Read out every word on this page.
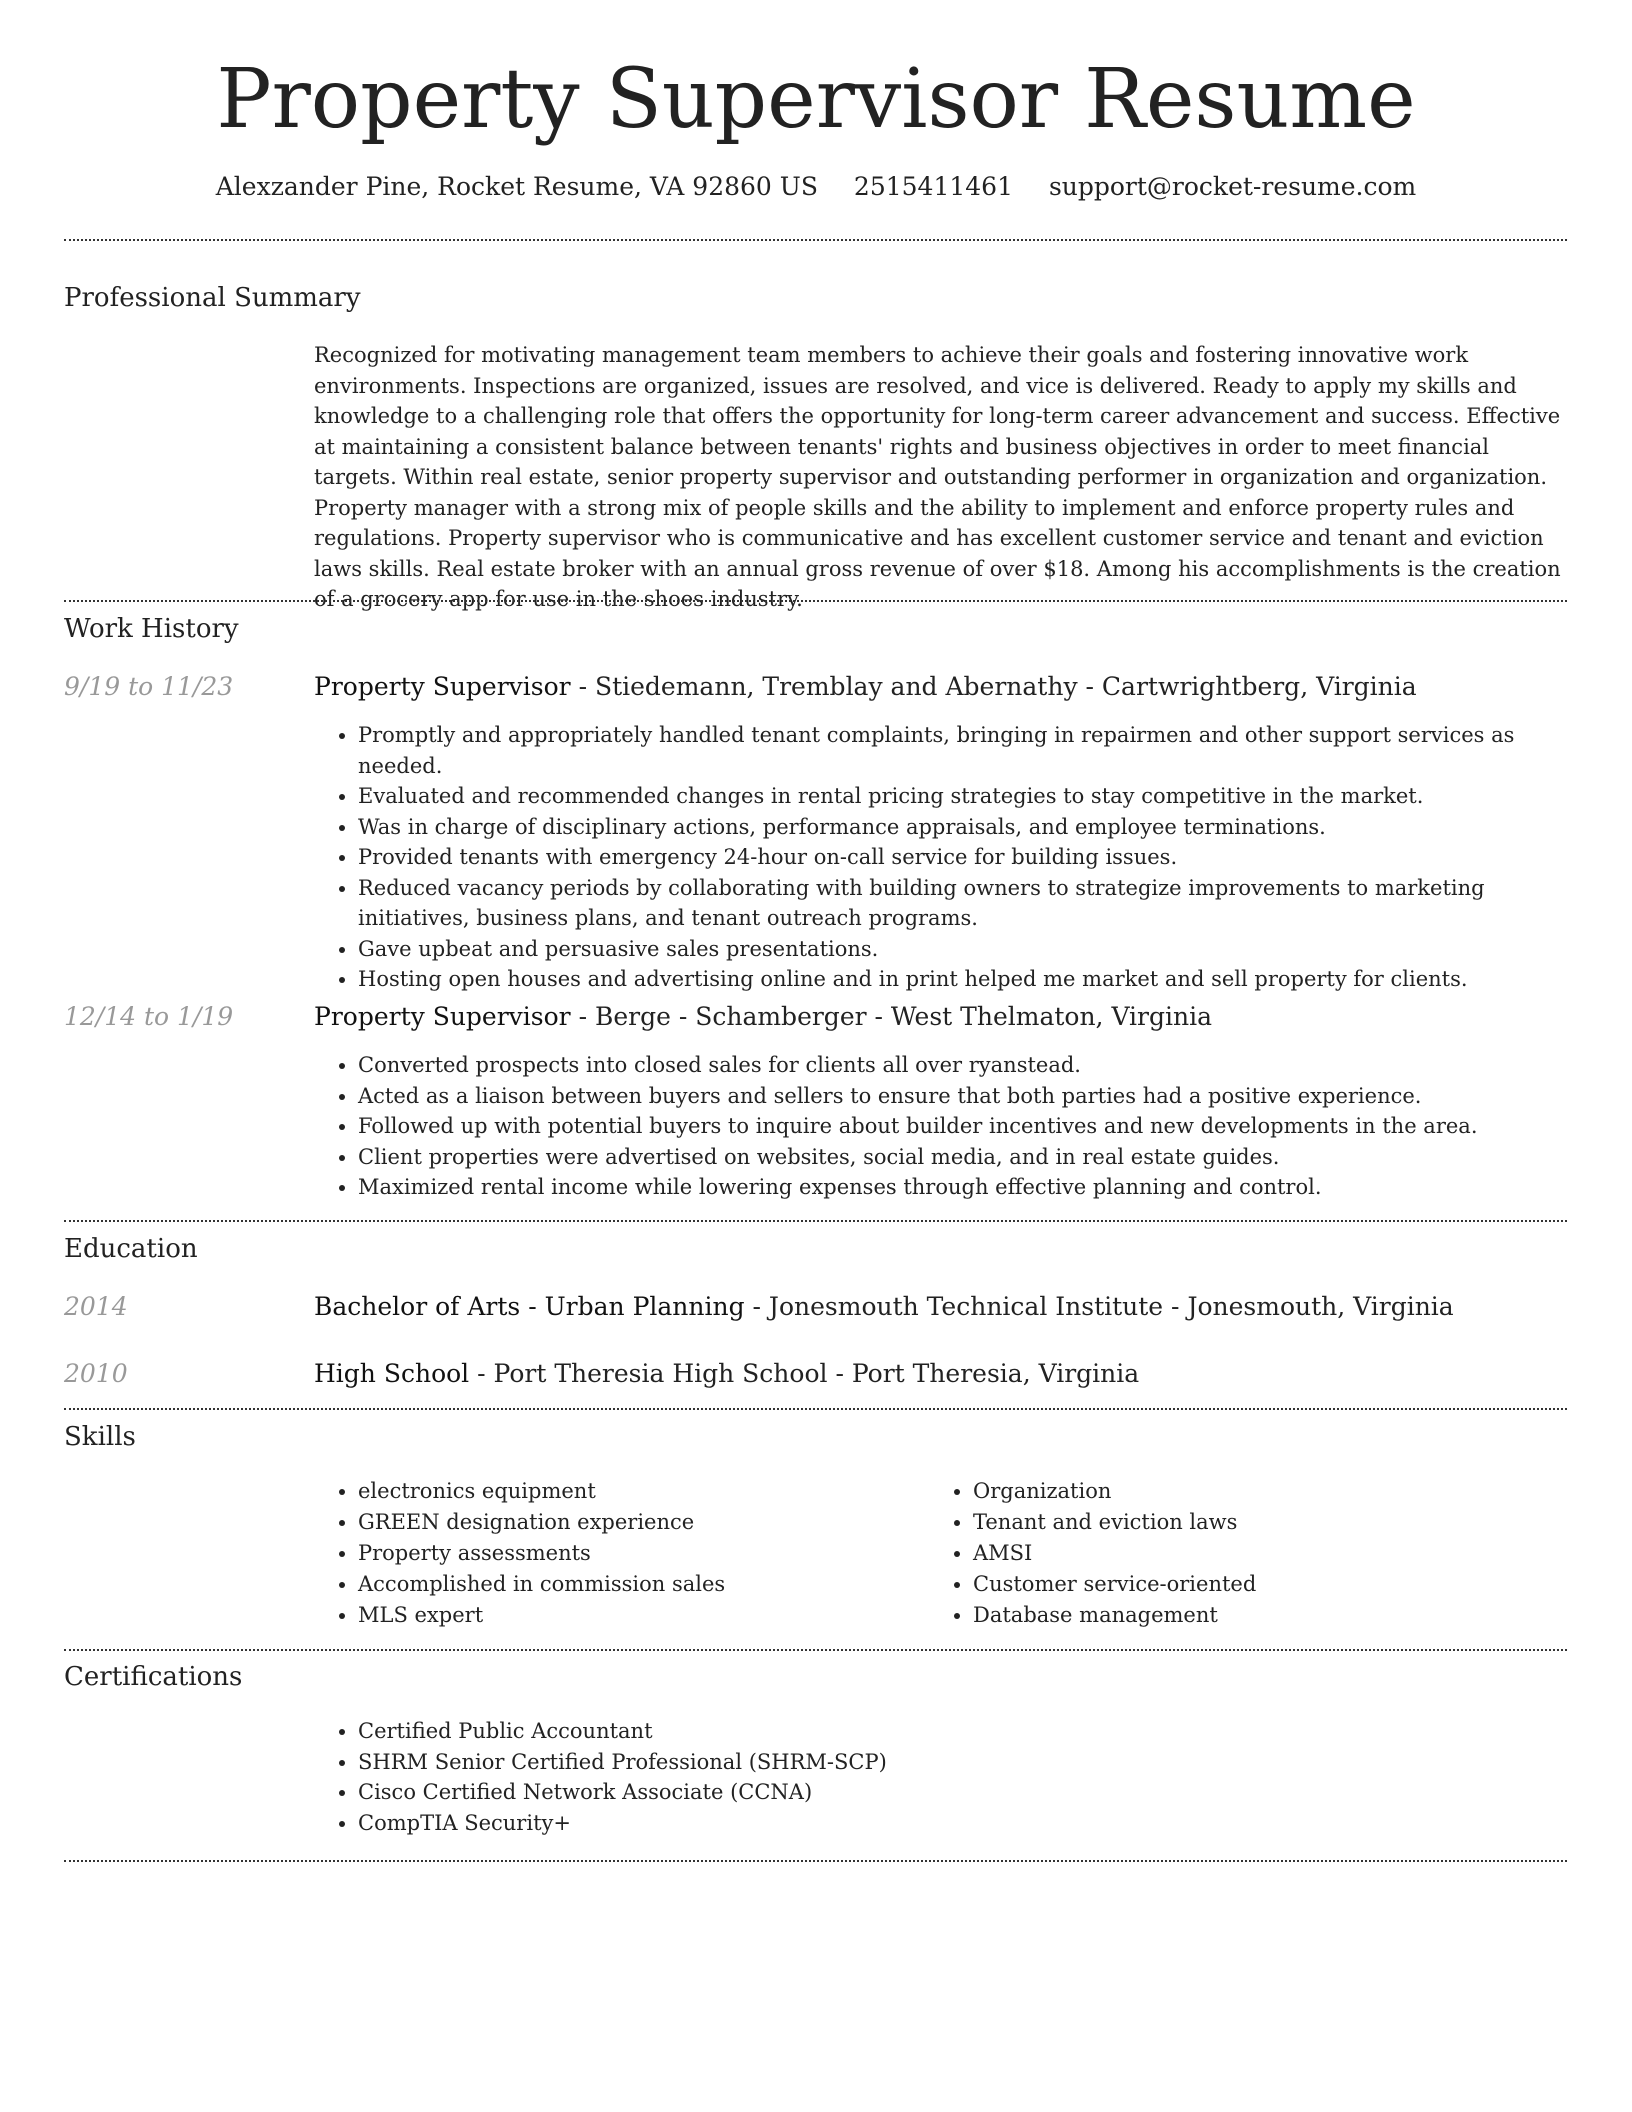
Property Supervisor Resume
Alexzander Pine, Rocket Resume, VA 92860 US 2515411461 support@rocket-resume.com
Professional Summary

Recognized for motivating management team members to achieve their goals and fostering innovative work environments. Inspections are organized, issues are resolved, and vice is delivered. Ready to apply my skills and knowledge to a challenging role that offers the opportunity for long-term career advancement and success. Effective at maintaining a consistent balance between tenants' rights and business objectives in order to meet financial targets. Within real estate, senior property supervisor and outstanding performer in organization and organization. Property manager with a strong mix of people skills and the ability to implement and enforce property rules and regulations. Property supervisor who is communicative and has excellent customer service and tenant and eviction laws skills. Real estate broker with an annual gross revenue of over $18. Among his accomplishments is the creation of a grocery app for use in the shoes industry.

Work History
9/19 to 11/23	Property Supervisor - Stiedemann, Tremblay and Abernathy - Cartwrightberg, Virginia
• Promptly and appropriately handled tenant complaints, bringing in repairmen and other support services as needed.
• Evaluated and recommended changes in rental pricing strategies to stay competitive in the market.
• Was in charge of disciplinary actions, performance appraisals, and employee terminations.
• Provided tenants with emergency 24-hour on-call service for building issues.
• Reduced vacancy periods by collaborating with building owners to strategize improvements to marketing initiatives, business plans, and tenant outreach programs.
• Gave upbeat and persuasive sales presentations.
• Hosting open houses and advertising online and in print helped me market and sell property for clients.
12/14 to 1/19	Property Supervisor - Berge - Schamberger - West Thelmaton, Virginia
• Converted prospects into closed sales for clients all over ryanstead.
• Acted as a liaison between buyers and sellers to ensure that both parties had a positive experience.
• Followed up with potential buyers to inquire about builder incentives and new developments in the area.
• Client properties were advertised on websites, social media, and in real estate guides.
• Maximized rental income while lowering expenses through effective planning and control.
Education
2014	Bachelor of Arts - Urban Planning - Jonesmouth Technical Institute - Jonesmouth, Virginia
2010	High School - Port Theresia High School - Port Theresia, Virginia
Skills
• electronics equipment
• GREEN designation experience
• Property assessments
• Accomplished in commission sales
• MLS expert
• Organization
• Tenant and eviction laws
• AMSI
• Customer service-oriented
• Database management
Certifications
• Certified Public Accountant
• SHRM Senior Certified Professional (SHRM-SCP)
• Cisco Certified Network Associate (CCNA)
• CompTIA Security+
